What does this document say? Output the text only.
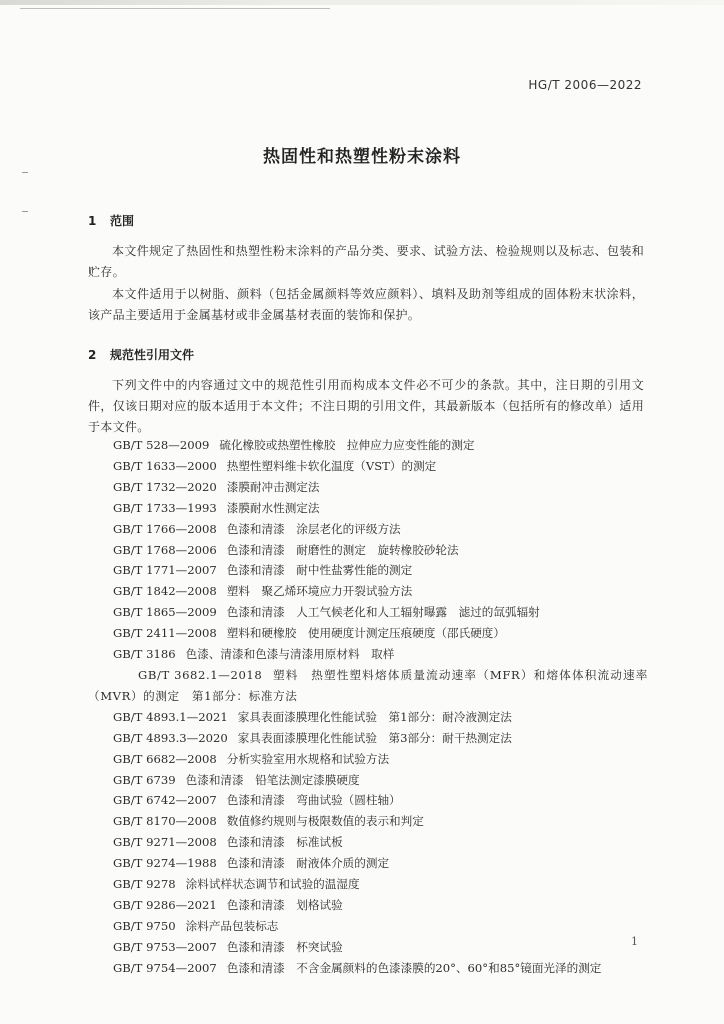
HG/T 2006—2022
热固性和热塑性粉末涂料
1 范围
本文件规定了热固性和热塑性粉末涂料的产品分类、要求、试验方法、检验规则以及标志、包装和贮存。
本文件适用于以树脂、颜料（包括金属颜料等效应颜料）、填料及助剂等组成的固体粉末状涂料，该产品主要适用于金属基材或非金属基材表面的装饰和保护。
2 规范性引用文件
下列文件中的内容通过文中的规范性引用而构成本文件必不可少的条款。其中，注日期的引用文件，仅该日期对应的版本适用于本文件；不注日期的引用文件，其最新版本（包括所有的修改单）适用于本文件。
GB/T 528—2009 硫化橡胶或热塑性橡胶　拉伸应力应变性能的测定
GB/T 1633—2000 热塑性塑料维卡软化温度（VST）的测定
GB/T 1732—2020 漆膜耐冲击测定法
GB/T 1733—1993 漆膜耐水性测定法
GB/T 1766—2008 色漆和清漆　涂层老化的评级方法
GB/T 1768—2006 色漆和清漆　耐磨性的测定　旋转橡胶砂轮法
GB/T 1771—2007 色漆和清漆　耐中性盐雾性能的测定
GB/T 1842—2008 塑料　聚乙烯环境应力开裂试验方法
GB/T 1865—2009 色漆和清漆　人工气候老化和人工辐射曝露　滤过的氙弧辐射
GB/T 2411—2008 塑料和硬橡胶　使用硬度计测定压痕硬度（邵氏硬度）
GB/T 3186 色漆、清漆和色漆与清漆用原材料　取样
GB/T 3682.1—2018 塑料　热塑性塑料熔体质量流动速率（MFR）和熔体体积流动速率（MVR）的测定　第1部分：标准方法
GB/T 4893.1—2021 家具表面漆膜理化性能试验　第1部分：耐冷液测定法
GB/T 4893.3—2020 家具表面漆膜理化性能试验　第3部分：耐干热测定法
GB/T 6682—2008 分析实验室用水规格和试验方法
GB/T 6739 色漆和清漆　铅笔法测定漆膜硬度
GB/T 6742—2007 色漆和清漆　弯曲试验（圆柱轴）
GB/T 8170—2008 数值修约规则与极限数值的表示和判定
GB/T 9271—2008 色漆和清漆　标准试板
GB/T 9274—1988 色漆和清漆　耐液体介质的测定
GB/T 9278 涂料试样状态调节和试验的温湿度
GB/T 9286—2021 色漆和清漆　划格试验
GB/T 9750 涂料产品包装标志
GB/T 9753—2007 色漆和清漆　杯突试验
GB/T 9754—2007 色漆和清漆　不含金属颜料的色漆漆膜的20°、60°和85°镜面光泽的测定
1
